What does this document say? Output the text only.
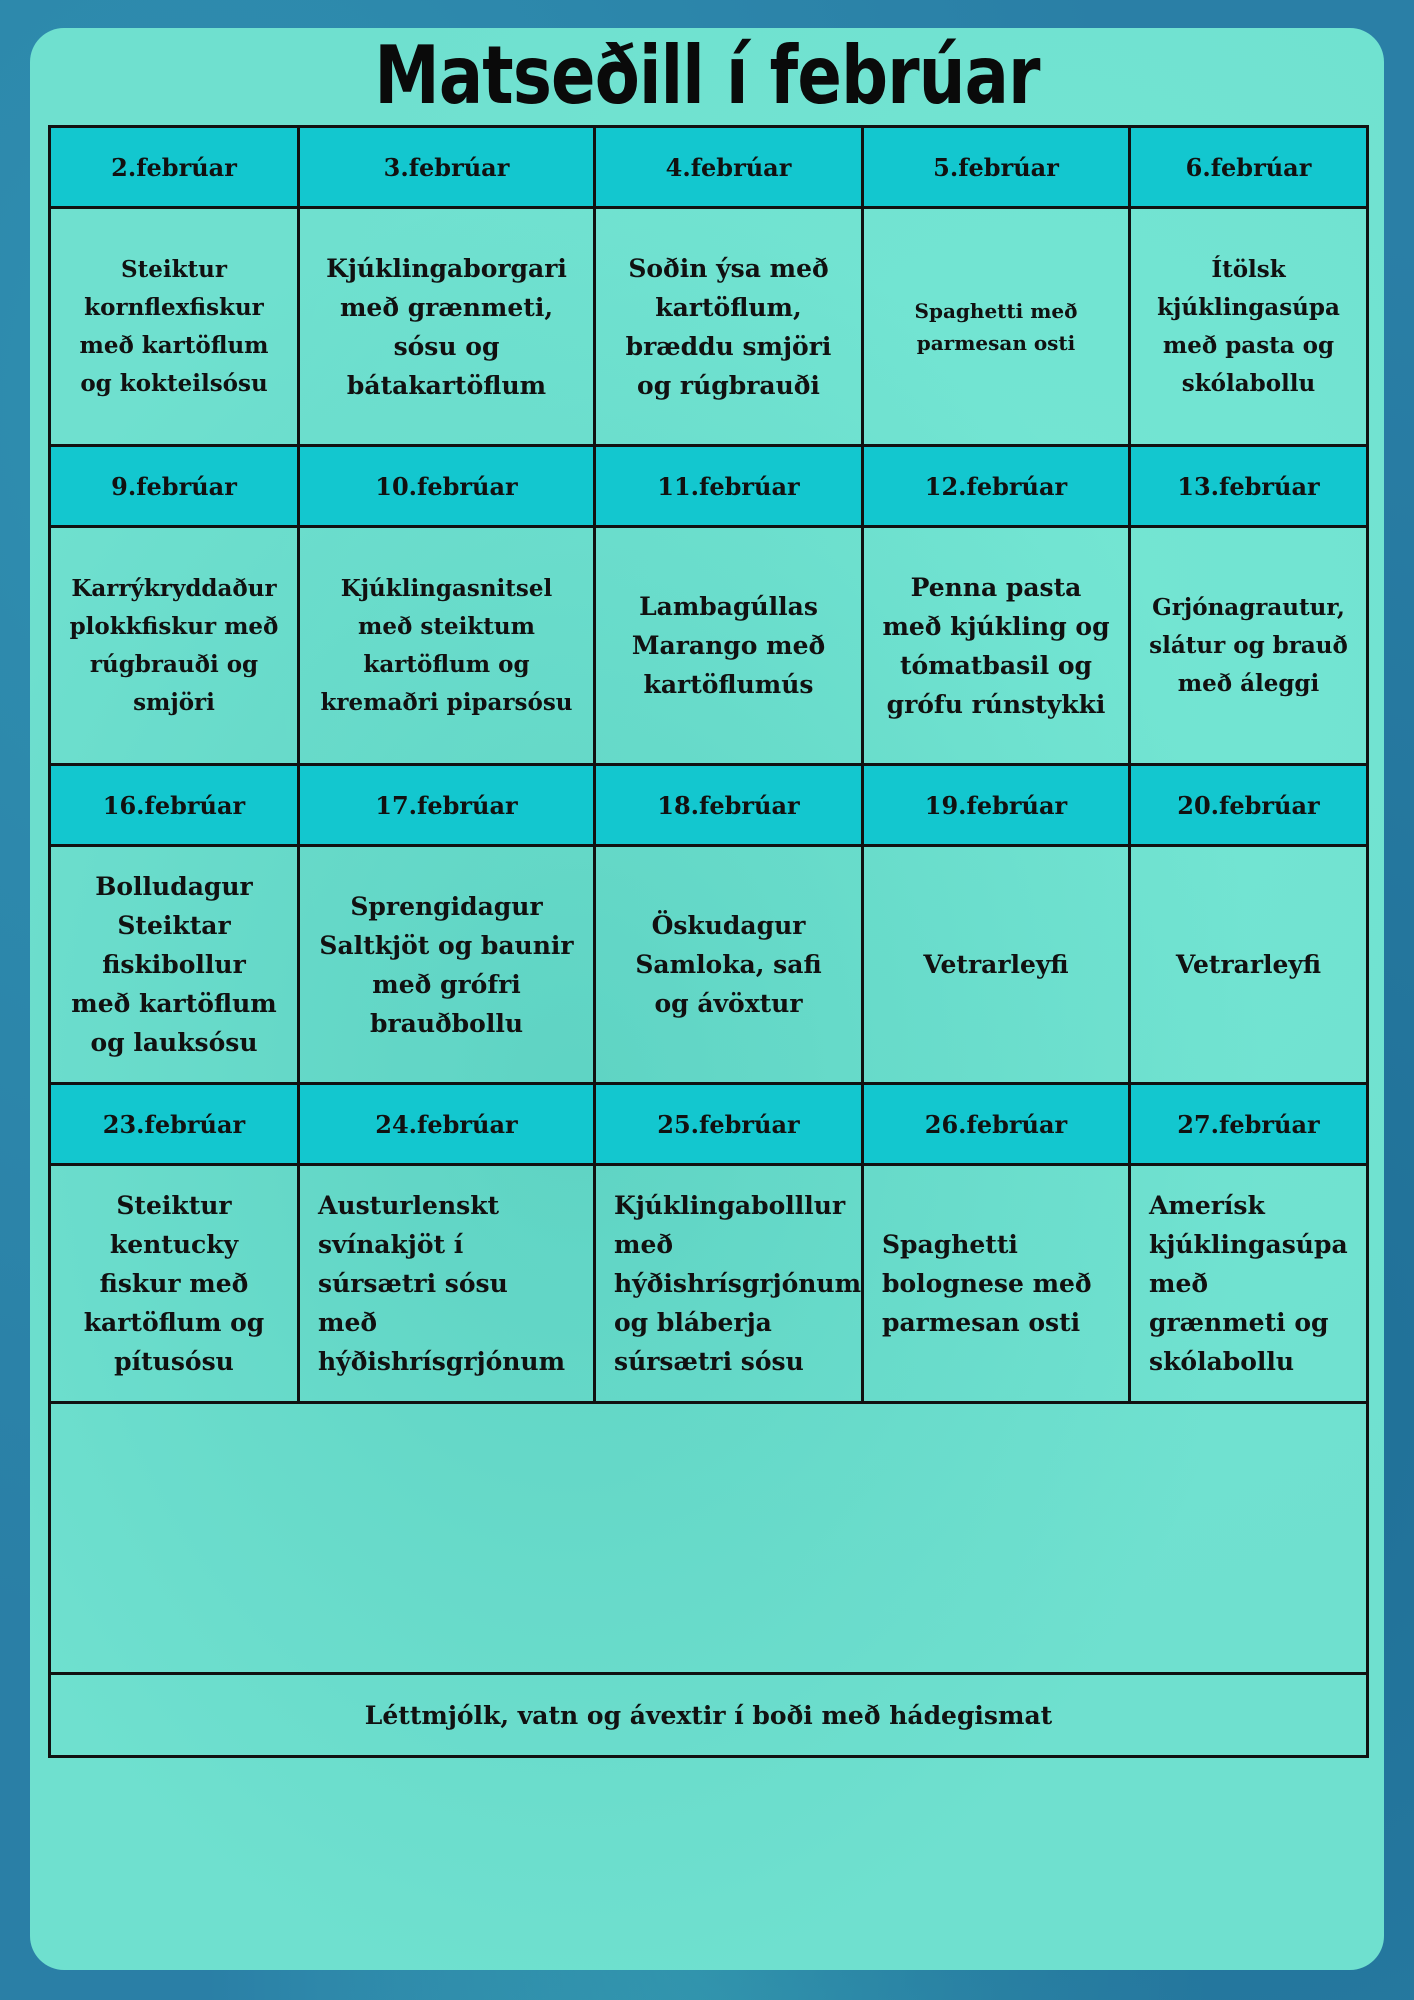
Matseðill í febrúar
2.febrúar	3.febrúar	4.febrúar	5.febrúar	6.febrúar
Steiktur kornflexfiskur með kartöflum og kokteilsósu	Kjúklingaborgari með grænmeti, sósu og bátakartöflum	Soðin ýsa með kartöflum, bræddu smjöri og rúgbrauði	Spaghetti með parmesan osti	Ítölsk kjúklingasúpa með pasta og skólabollu
9.febrúar	10.febrúar	11.febrúar	12.febrúar	13.febrúar
Karrýkryddaður plokkfiskur með rúgbrauði og smjöri	Kjúklingasnitsel með steiktum kartöflum og kremaðri piparsósu	Lambagúllas Marango með kartöflumús	Penna pasta með kjúkling og tómatbasil og grófu rúnstykki	Grjónagrautur, slátur og brauð með áleggi
16.febrúar	17.febrúar	18.febrúar	19.febrúar	20.febrúar
Bolludagur Steiktar fiskibollur með kartöflum og lauksósu	Sprengidagur Saltkjöt og baunir með grófri brauðbollu	Öskudagur Samloka, safi og ávöxtur	Vetrarleyfi	Vetrarleyfi
23.febrúar	24.febrúar	25.febrúar	26.febrúar	27.febrúar
Steiktur kentucky fiskur með kartöflum og pítusósu	Austurlenskt svínakjöt í súrsætri sósu með hýðishrísgrjónum	Kjúklingabolllur með hýðishrísgrjónum og bláberja súrsætri sósu	Spaghetti bolognese með parmesan osti	Amerísk kjúklingasúpa með grænmeti og skólabollu

Léttmjólk, vatn og ávextir í boði með hádegismat				
